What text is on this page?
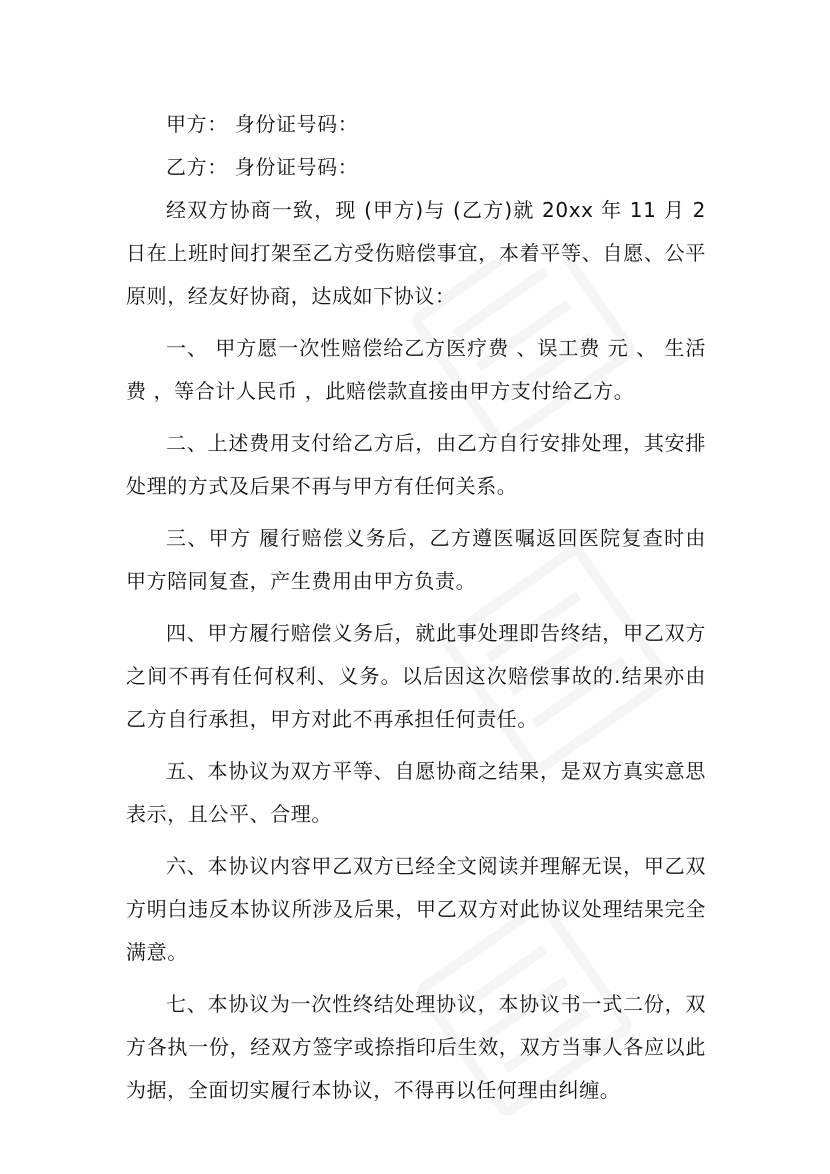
甲方： 身份证号码：

乙方： 身份证号码：

经双方协商一致，现 (甲方)与 (乙方)就 20xx 年 11 月 2 日在上班时间打架至乙方受伤赔偿事宜，本着平等、自愿、公平原则，经友好协商，达成如下协议：

一、 甲方愿一次性赔偿给乙方医疗费 、误工费 元 、 生活费 ，等合计人民币 ，此赔偿款直接由甲方支付给乙方。

二、上述费用支付给乙方后，由乙方自行安排处理，其安排处理的方式及后果不再与甲方有任何关系。

三、甲方 履行赔偿义务后，乙方遵医嘱返回医院复查时由甲方陪同复查，产生费用由甲方负责。

四、甲方履行赔偿义务后，就此事处理即告终结，甲乙双方之间不再有任何权利、义务。以后因这次赔偿事故的.结果亦由乙方自行承担，甲方对此不再承担任何责任。

五、本协议为双方平等、自愿协商之结果，是双方真实意思表示，且公平、合理。

六、本协议内容甲乙双方已经全文阅读并理解无误，甲乙双方明白违反本协议所涉及后果，甲乙双方对此协议处理结果完全满意。

七、本协议为一次性终结处理协议，本协议书一式二份，双方各执一份，经双方签字或捺指印后生效，双方当事人各应以此为据，全面切实履行本协议，不得再以任何理由纠缠。
